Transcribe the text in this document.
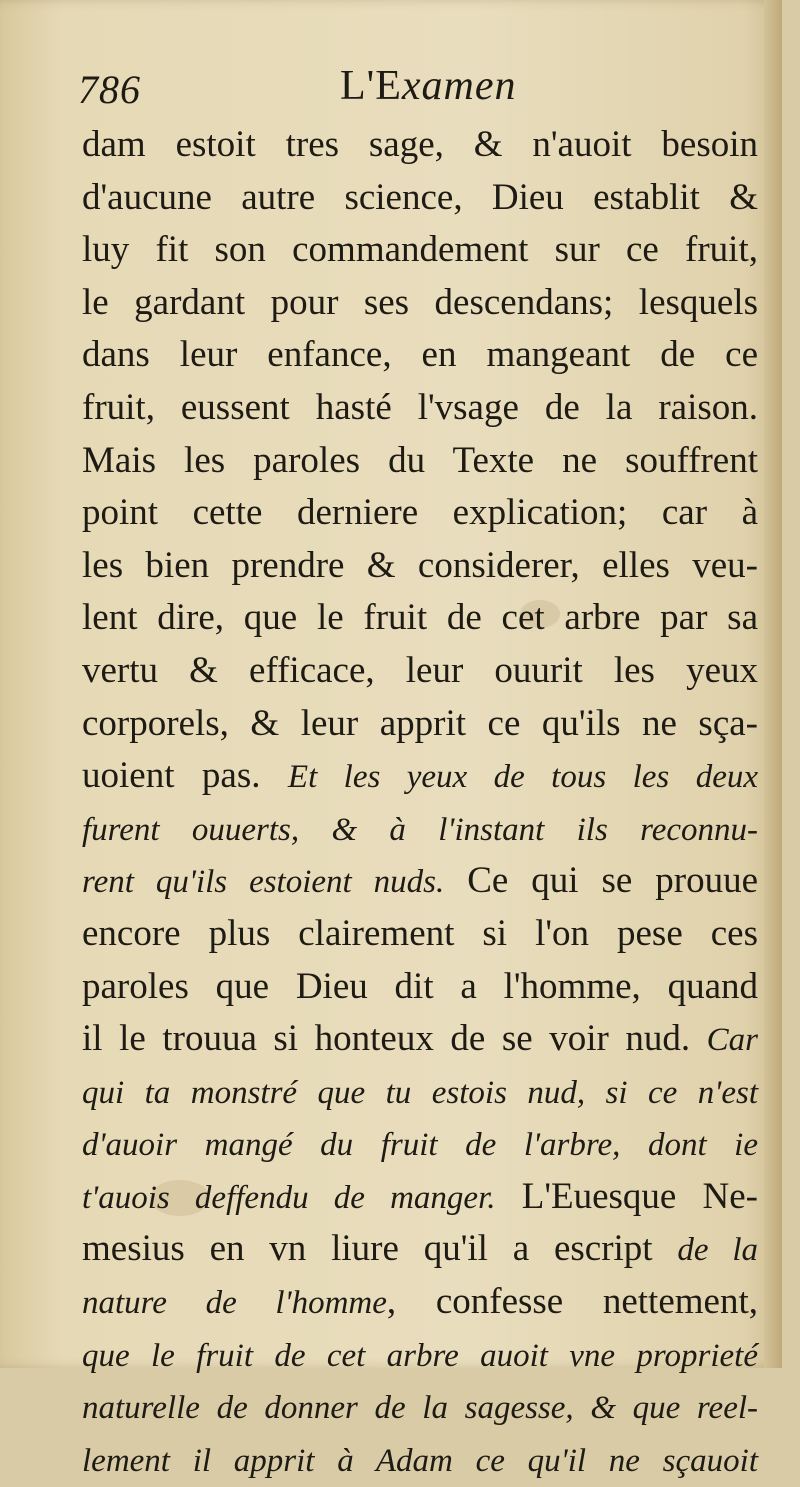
786	L'Examen
dam estoit tres sage, & n'auoit besoin
d'aucune autre science, Dieu establit &
luy fit son commandement sur ce fruit,
le gardant pour ses descendans; lesquels
dans leur enfance, en mangeant de ce
fruit, eussent hasté l'vsage de la raison.
Mais les paroles du Texte ne souffrent
point cette derniere explication; car à
les bien prendre & considerer, elles veu-
lent dire, que le fruit de cet arbre par sa
vertu & efficace, leur ouurit les yeux
corporels, & leur apprit ce qu'ils ne sça-
uoient pas. Et les yeux de tous les deux
furent ouuerts, & à l'instant ils reconnu-
rent qu'ils estoient nuds. Ce qui se prouue
encore plus clairement si l'on pese ces
paroles que Dieu dit a l'homme, quand
il le trouua si honteux de se voir nud. Car
qui ta monstré que tu estois nud, si ce n'est
d'auoir mangé du fruit de l'arbre, dont ie
t'auois deffendu de manger. L'Euesque Ne-
mesius en vn liure qu'il a escript de la
nature de l'homme, confesse nettement,
que le fruit de cet arbre auoit vne proprieté
naturelle de donner de la sagesse, & que reel-
lement il apprit à Adam ce qu'il ne sçauoit
